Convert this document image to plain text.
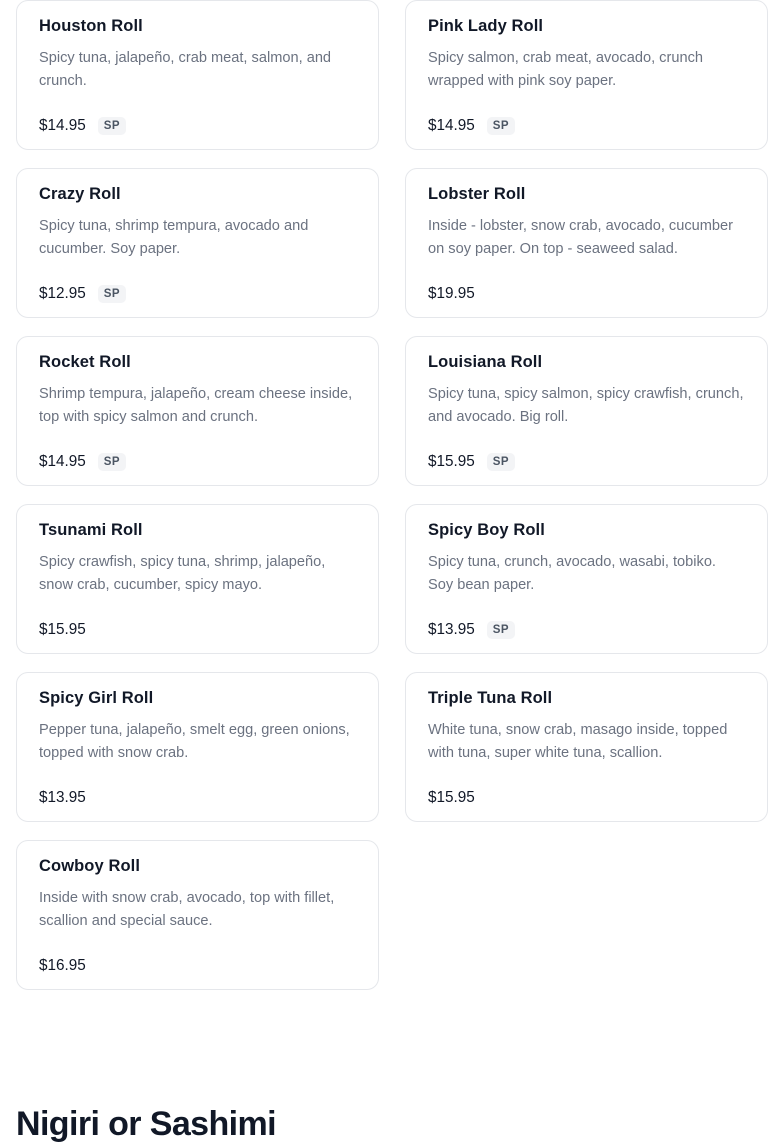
Houston Roll
Spicy tuna, jalapeño, crab meat, salmon, and crunch.
$14.95	SP
Pink Lady Roll
Spicy salmon, crab meat, avocado, crunch wrapped with pink soy paper.
$14.95	SP
Crazy Roll
Spicy tuna, shrimp tempura, avocado and cucumber. Soy paper.
$12.95	SP
Lobster Roll
Inside - lobster, snow crab, avocado, cucumber on soy paper. On top - seaweed salad.
$19.95
Rocket Roll
Shrimp tempura, jalapeño, cream cheese inside, top with spicy salmon and crunch.
$14.95	SP
Louisiana Roll
Spicy tuna, spicy salmon, spicy crawfish, crunch, and avocado. Big roll.
$15.95	SP
Tsunami Roll
Spicy crawfish, spicy tuna, shrimp, jalapeño, snow crab, cucumber, spicy mayo.
$15.95
Spicy Boy Roll
Spicy tuna, crunch, avocado, wasabi, tobiko. Soy bean paper.
$13.95	SP
Spicy Girl Roll
Pepper tuna, jalapeño, smelt egg, green onions, topped with snow crab.
$13.95
Triple Tuna Roll
White tuna, snow crab, masago inside, topped with tuna, super white tuna, scallion.
$15.95
Cowboy Roll
Inside with snow crab, avocado, top with fillet, scallion and special sauce.
$16.95
Nigiri or Sashimi
